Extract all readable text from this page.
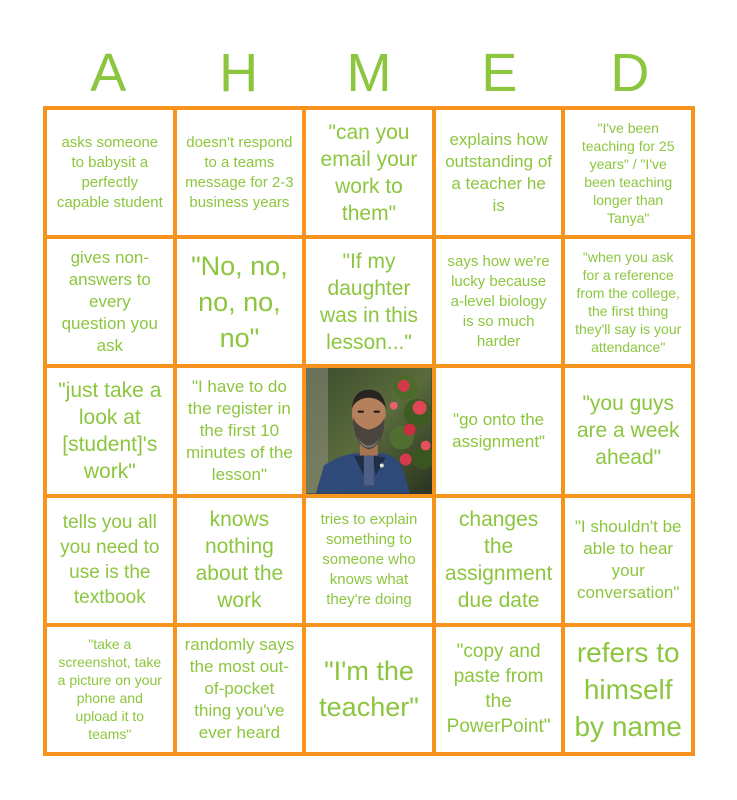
A	H	M	E	D
asks someone to babysit a perfectly capable student
doesn't respond to a teams message for 2-3 business years
"can you email your work to them"
explains how outstanding of a teacher he is
"I've been teaching for 25 years" / "I've been teaching longer than Tanya"
gives non-answers to every question you ask
"No, no, no, no, no"
"If my daughter was in this lesson..."
says how we're lucky because a-level biology is so much harder
"when you ask for a reference from the college, the first thing they'll say is your attendance"
"just take a look at [student]'s work"
"I have to do the register in the first 10 minutes of the lesson"
"go onto the assignment"
"you guys are a week ahead"
tells you all you need to use is the textbook
knows nothing about the work
tries to explain something to someone who knows what they're doing
changes the assignment due date
"I shouldn't be able to hear your conversation"
"take a screenshot, take a picture on your phone and upload it to teams"
randomly says the most out-of-pocket thing you've ever heard
"I'm the teacher"
"copy and paste from the PowerPoint"
refers to himself by name
